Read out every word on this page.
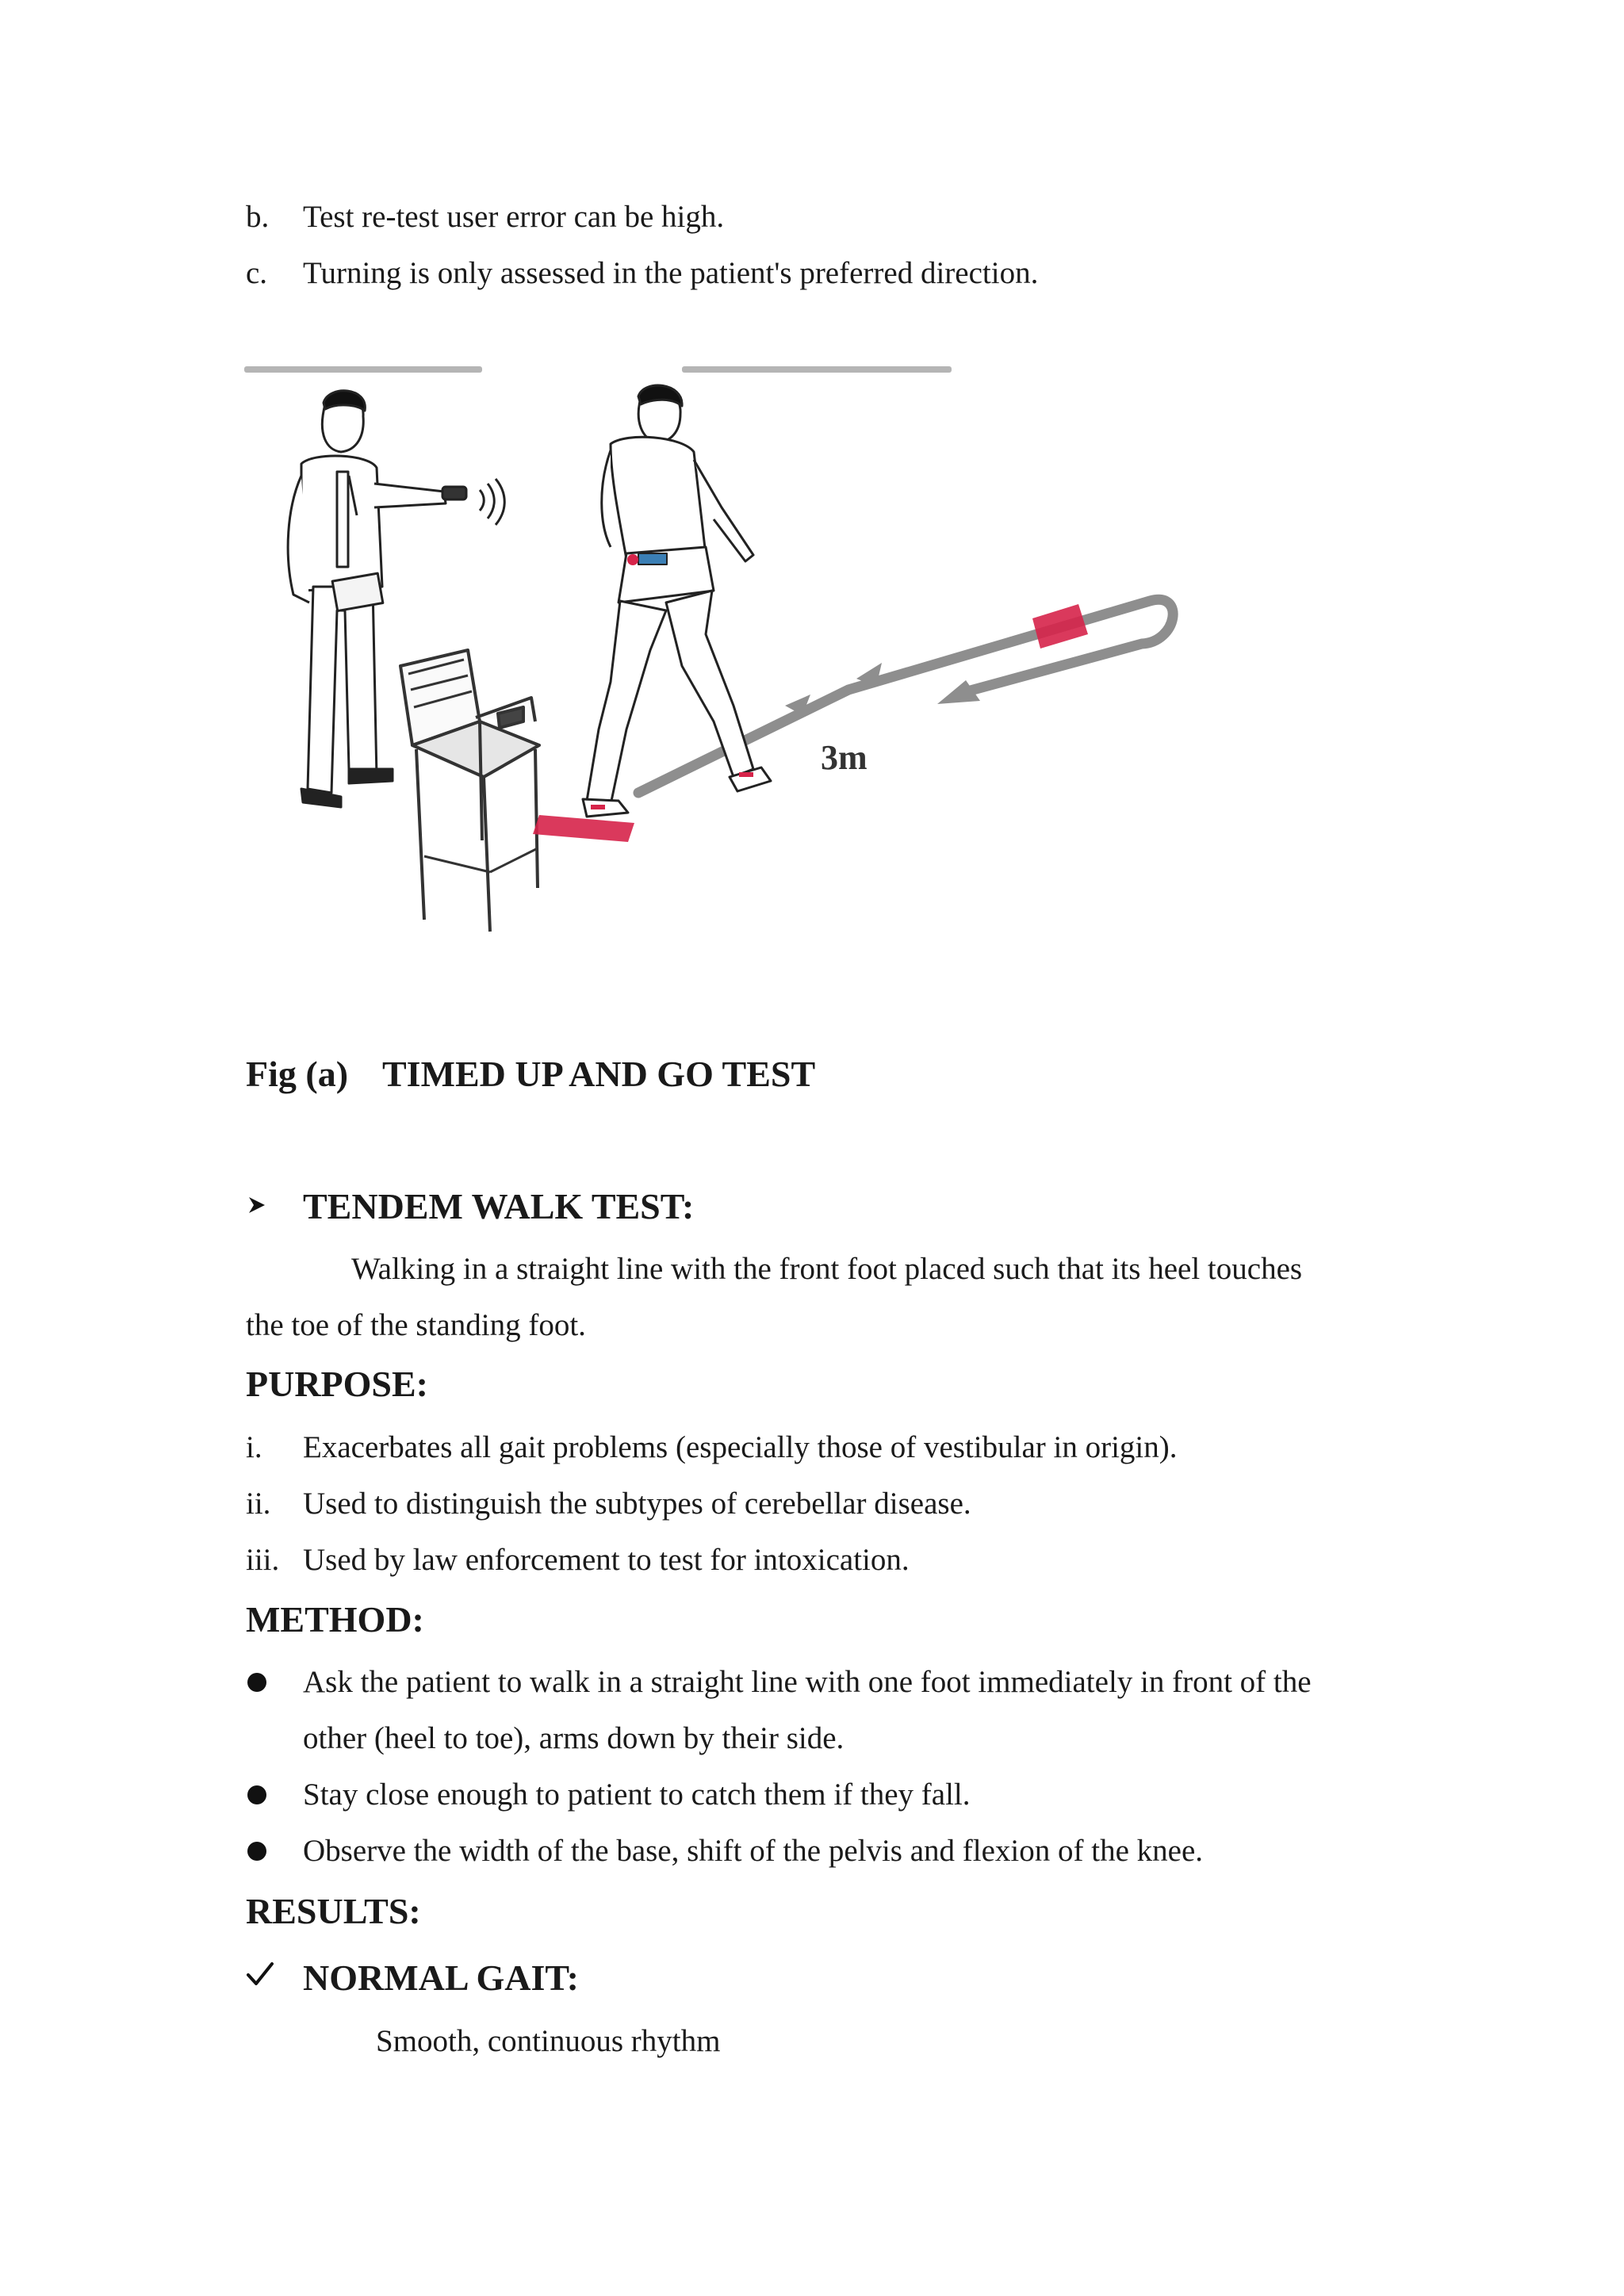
b. Test re-test user error can be high.
c. Turning is only assessed in the patient's preferred direction.
3m
Fig (a) TIMED UP AND GO TEST
TENDEM WALK TEST:
Walking in a straight line with the front foot placed such that its heel touches
the toe of the standing foot.
PURPOSE:
i. Exacerbates all gait problems (especially those of vestibular in origin).
ii. Used to distinguish the subtypes of cerebellar disease.
iii. Used by law enforcement to test for intoxication.
METHOD:
Ask the patient to walk in a straight line with one foot immediately in front of the
other (heel to toe), arms down by their side.
Stay close enough to patient to catch them if they fall.
Observe the width of the base, shift of the pelvis and flexion of the knee.
RESULTS:
NORMAL GAIT:
Smooth, continuous rhythm
